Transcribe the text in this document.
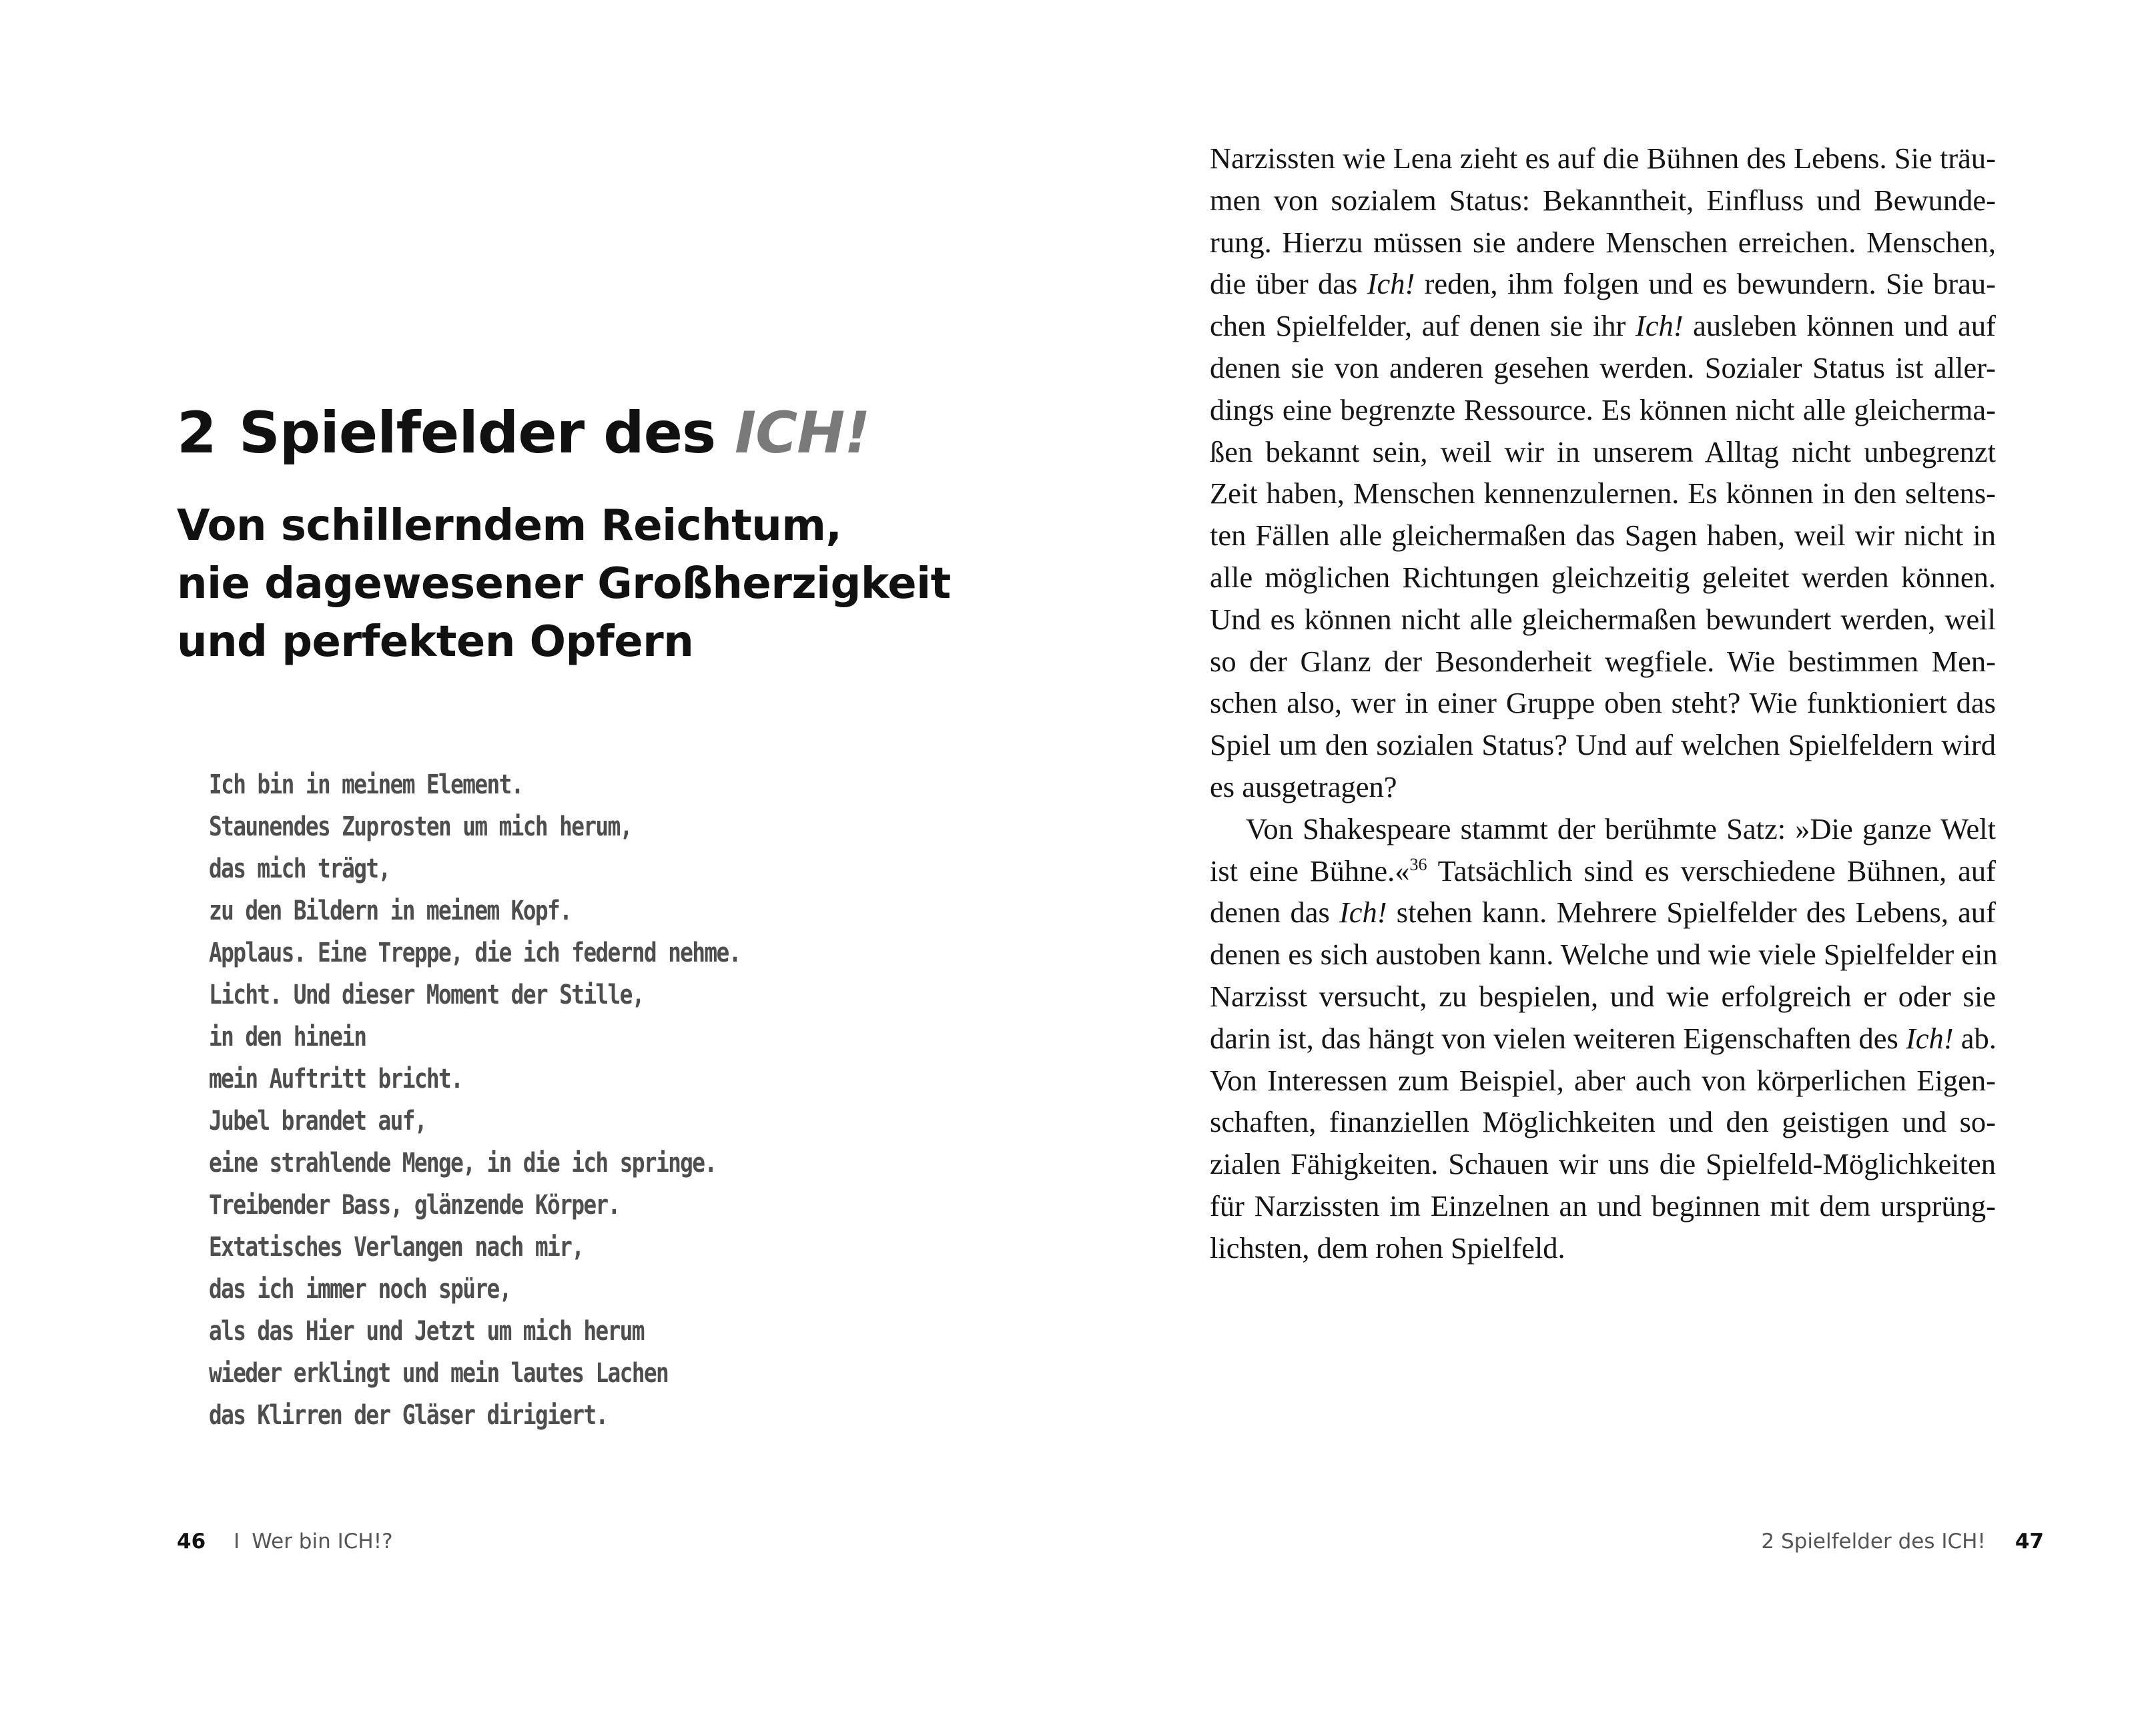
2 Spielfelder des ICH!
Von schillerndem Reichtum,
nie dagewesener Großherzigkeit
und perfekten Opfern
Ich bin in meinem Element.
Staunendes Zuprosten um mich herum,
das mich trägt,
zu den Bildern in meinem Kopf.
Applaus. Eine Treppe, die ich federnd nehme.
Licht. Und dieser Moment der Stille,
in den hinein
mein Auftritt bricht.
Jubel brandet auf,
eine strahlende Menge, in die ich springe.
Treibender Bass, glänzende Körper.
Extatisches Verlangen nach mir,
das ich immer noch spüre,
als das Hier und Jetzt um mich herum
wieder erklingt und mein lautes Lachen
das Klirren der Gläser dirigiert.
46 I Wer bin ICH!?
Narzissten wie Lena zieht es auf die Bühnen des Lebens. Sie träu-
men von sozialem Status: Bekanntheit, Einfluss und Bewunde-
rung. Hierzu müssen sie andere Menschen erreichen. Menschen,
die über das Ich! reden, ihm folgen und es bewundern. Sie brau-
chen Spielfelder, auf denen sie ihr Ich! ausleben können und auf
denen sie von anderen gesehen werden. Sozialer Status ist aller-
dings eine begrenzte Ressource. Es können nicht alle gleicherma-
ßen bekannt sein, weil wir in unserem Alltag nicht unbegrenzt
Zeit haben, Menschen kennenzulernen. Es können in den seltens-
ten Fällen alle gleichermaßen das Sagen haben, weil wir nicht in
alle möglichen Richtungen gleichzeitig geleitet werden können.
Und es können nicht alle gleichermaßen bewundert werden, weil
so der Glanz der Besonderheit wegfiele. Wie bestimmen Men-
schen also, wer in einer Gruppe oben steht? Wie funktioniert das
Spiel um den sozialen Status? Und auf welchen Spielfeldern wird
es ausgetragen?
Von Shakespeare stammt der berühmte Satz: »Die ganze Welt
ist eine Bühne.«$^{36}$ Tatsächlich sind es verschiedene Bühnen, auf
denen das Ich! stehen kann. Mehrere Spielfelder des Lebens, auf
denen es sich austoben kann. Welche und wie viele Spielfelder ein
Narzisst versucht, zu bespielen, und wie erfolgreich er oder sie
darin ist, das hängt von vielen weiteren Eigenschaften des Ich! ab.
Von Interessen zum Beispiel, aber auch von körperlichen Eigen-
schaften, finanziellen Möglichkeiten und den geistigen und so-
zialen Fähigkeiten. Schauen wir uns die Spielfeld-Möglichkeiten
für Narzissten im Einzelnen an und beginnen mit dem ursprüng-
lichsten, dem rohen Spielfeld.
2 Spielfelder des ICH! 47
